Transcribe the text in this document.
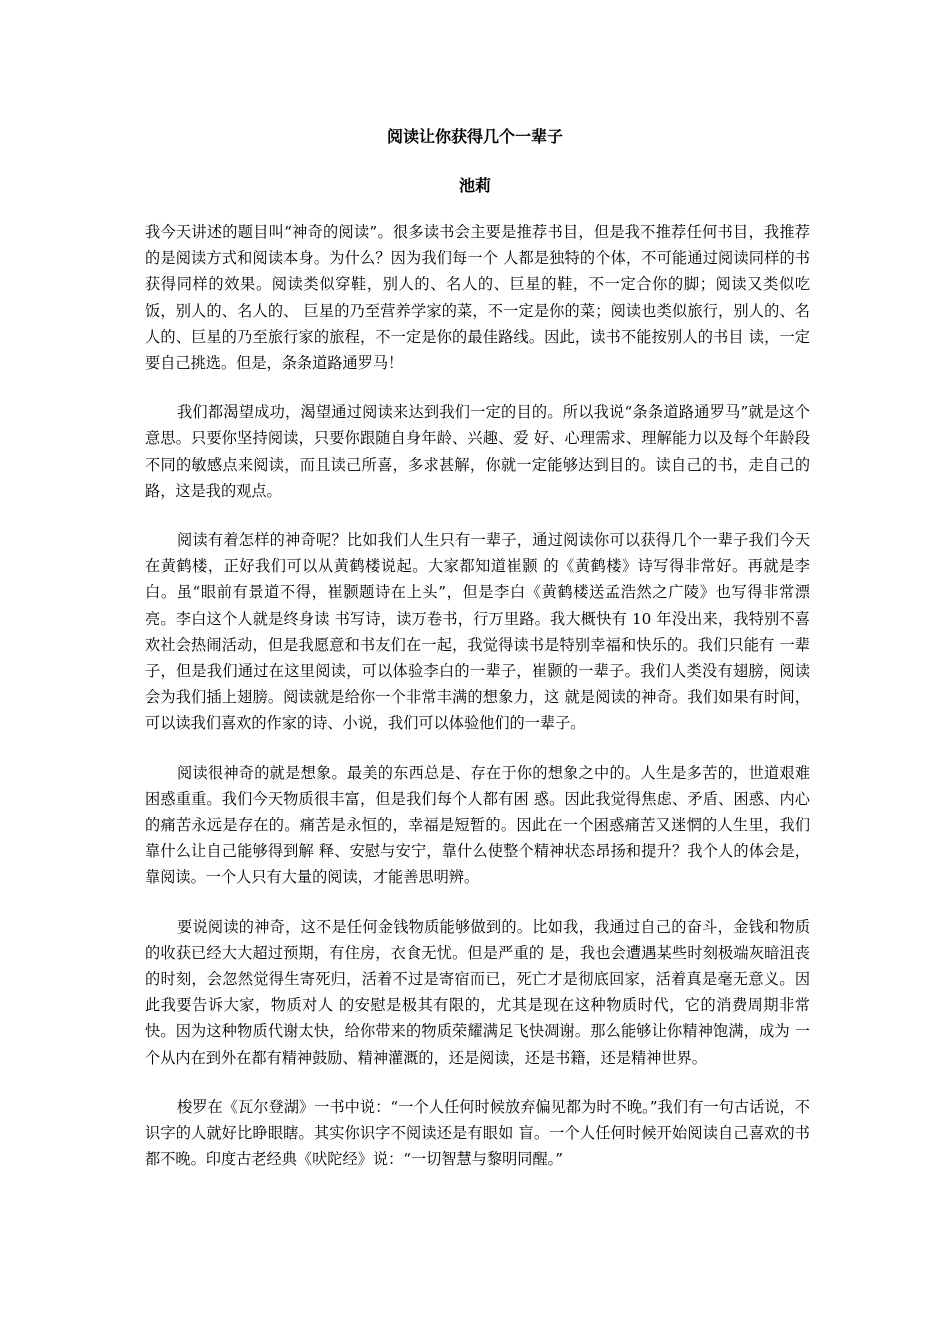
阅读让你获得几个一辈子
池莉

我今天讲述的题目叫“神奇的阅读”。很多读书会主要是推荐书目，但是我不推荐任何书目，我推荐的是阅读方式和阅读本身。为什么？因为我们每一个 人都是独特的个体，不可能通过阅读同样的书获得同样的效果。阅读类似穿鞋，别人的、名人的、巨星的鞋，不一定合你的脚；阅读又类似吃饭，别人的、名人的、 巨星的乃至营养学家的菜，不一定是你的菜；阅读也类似旅行，别人的、名人的、巨星的乃至旅行家的旅程，不一定是你的最佳路线。因此，读书不能按别人的书目 读，一定要自己挑选。但是，条条道路通罗马！

我们都渴望成功，渴望通过阅读来达到我们一定的目的。所以我说“条条道路通罗马”就是这个意思。只要你坚持阅读，只要你跟随自身年龄、兴趣、爱 好、心理需求、理解能力以及每个年龄段不同的敏感点来阅读，而且读己所喜，多求甚解，你就一定能够达到目的。读自己的书，走自己的路，这是我的观点。

阅读有着怎样的神奇呢？比如我们人生只有一辈子，通过阅读你可以获得几个一辈子我们今天在黄鹤楼，正好我们可以从黄鹤楼说起。大家都知道崔颢 的《黄鹤楼》诗写得非常好。再就是李白。虽“眼前有景道不得，崔颢题诗在上头”，但是李白《黄鹤楼送孟浩然之广陵》也写得非常漂亮。李白这个人就是终身读 书写诗，读万卷书，行万里路。我大概快有 10 年没出来，我特别不喜欢社会热闹活动，但是我愿意和书友们在一起，我觉得读书是特别幸福和快乐的。我们只能有 一辈子，但是我们通过在这里阅读，可以体验李白的一辈子，崔颢的一辈子。我们人类没有翅膀，阅读会为我们插上翅膀。阅读就是给你一个非常丰满的想象力，这 就是阅读的神奇。我们如果有时间，可以读我们喜欢的作家的诗、小说，我们可以体验他们的一辈子。

阅读很神奇的就是想象。最美的东西总是、存在于你的想象之中的。人生是多苦的，世道艰难困惑重重。我们今天物质很丰富，但是我们每个人都有困 惑。因此我觉得焦虑、矛盾、困惑、内心的痛苦永远是存在的。痛苦是永恒的，幸福是短暂的。因此在一个困惑痛苦又迷惘的人生里，我们靠什么让自己能够得到解 释、安慰与安宁，靠什么使整个精神状态昂扬和提升？我个人的体会是，靠阅读。一个人只有大量的阅读，才能善思明辨。

要说阅读的神奇，这不是任何金钱物质能够做到的。比如我，我通过自己的奋斗，金钱和物质的收获已经大大超过预期，有住房，衣食无忧。但是严重的 是，我也会遭遇某些时刻极端灰暗沮丧的时刻，会忽然觉得生寄死归，活着不过是寄宿而已，死亡才是彻底回家，活着真是毫无意义。因此我要告诉大家，物质对人 的安慰是极其有限的，尤其是现在这种物质时代，它的消费周期非常快。因为这种物质代谢太快，给你带来的物质荣耀满足飞快凋谢。那么能够让你精神饱满，成为 一个从内在到外在都有精神鼓励、精神灌溉的，还是阅读，还是书籍，还是精神世界。

梭罗在《瓦尔登湖》一书中说：“一个人任何时候放弃偏见都为时不晚。”我们有一句古话说，不识字的人就好比睁眼瞎。其实你识字不阅读还是有眼如 盲。一个人任何时候开始阅读自己喜欢的书都不晚。印度古老经典《吠陀经》说：“一切智慧与黎明同醒。”
